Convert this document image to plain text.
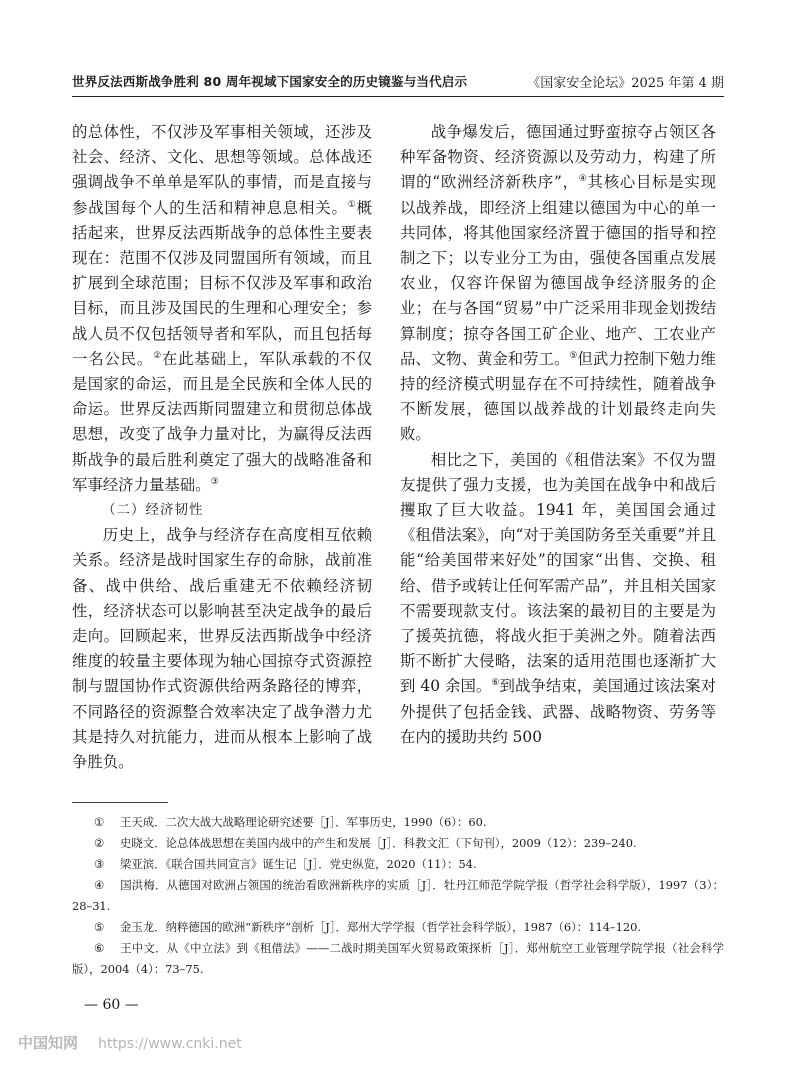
世界反法西斯战争胜利 80 周年视域下国家安全的历史镜鉴与当代启示	《国家安全论坛》2025 年第 4 期

的总体性，不仅涉及军事相关领域，还涉及社会、经济、文化、思想等领域。总体战还强调战争不单单是军队的事情，而是直接与参战国每个人的生活和精神息息相关。①概括起来，世界反法西斯战争的总体性主要表现在：范围不仅涉及同盟国所有领域，而且扩展到全球范围；目标不仅涉及军事和政治目标，而且涉及国民的生理和心理安全；参战人员不仅包括领导者和军队，而且包括每一名公民。②在此基础上，军队承载的不仅是国家的命运，而且是全民族和全体人民的命运。世界反法西斯同盟建立和贯彻总体战思想，改变了战争力量对比，为赢得反法西斯战争的最后胜利奠定了强大的战略准备和军事经济力量基础。③

（二）经济韧性

历史上，战争与经济存在高度相互依赖关系。经济是战时国家生存的命脉，战前准备、战中供给、战后重建无不依赖经济韧性，经济状态可以影响甚至决定战争的最后走向。回顾起来，世界反法西斯战争中经济维度的较量主要体现为轴心国掠夺式资源控制与盟国协作式资源供给两条路径的博弈，不同路径的资源整合效率决定了战争潜力尤其是持久对抗能力，进而从根本上影响了战争胜负。

战争爆发后，德国通过野蛮掠夺占领区各种军备物资、经济资源以及劳动力，构建了所谓的“欧洲经济新秩序”，④其核心目标是实现以战养战，即经济上组建以德国为中心的单一共同体，将其他国家经济置于德国的指导和控制之下；以专业分工为由，强使各国重点发展农业，仅容许保留为德国战争经济服务的企业；在与各国“贸易”中广泛采用非现金划拨结算制度；掠夺各国工矿企业、地产、工农业产品、文物、黄金和劳工。⑤但武力控制下勉力维持的经济模式明显存在不可持续性，随着战争不断发展，德国以战养战的计划最终走向失败。

相比之下，美国的《租借法案》不仅为盟友提供了强力支援，也为美国在战争中和战后攫取了巨大收益。1941 年，美国国会通过《租借法案》，向“对于美国防务至关重要”并且能“给美国带来好处”的国家“出售、交换、租给、借予或转让任何军需产品”，并且相关国家不需要现款支付。该法案的最初目的主要是为了援英抗德，将战火拒于美洲之外。随着法西斯不断扩大侵略，法案的适用范围也逐渐扩大到 40 余国。⑥到战争结束，美国通过该法案对外提供了包括金钱、武器、战略物资、劳务等在内的援助共约 500

① 王天成．二次大战大战略理论研究述要［J］．军事历史，1990（6）：60.

② 史晓文．论总体战思想在美国内战中的产生和发展［J］．科教文汇（下旬刊），2009（12）：239–240.

③ 梁亚滨．《联合国共同宣言》诞生记［J］．党史纵览，2020（11）：54.

④ 国洪梅．从德国对欧洲占领国的统治看欧洲新秩序的实质［J］．牡丹江师范学院学报（哲学社会科学版），1997（3）：28–31.

⑤ 金玉龙．纳粹德国的欧洲“新秩序”剖析［J］．郑州大学学报（哲学社会科学版），1987（6）：114–120.

⑥ 王中文．从《中立法》到《租借法》——二战时期美国军火贸易政策探析［J］．郑州航空工业管理学院学报（社会科学版），2004（4）：73–75.

— 60 —
中国知网 https://www.cnki.net
